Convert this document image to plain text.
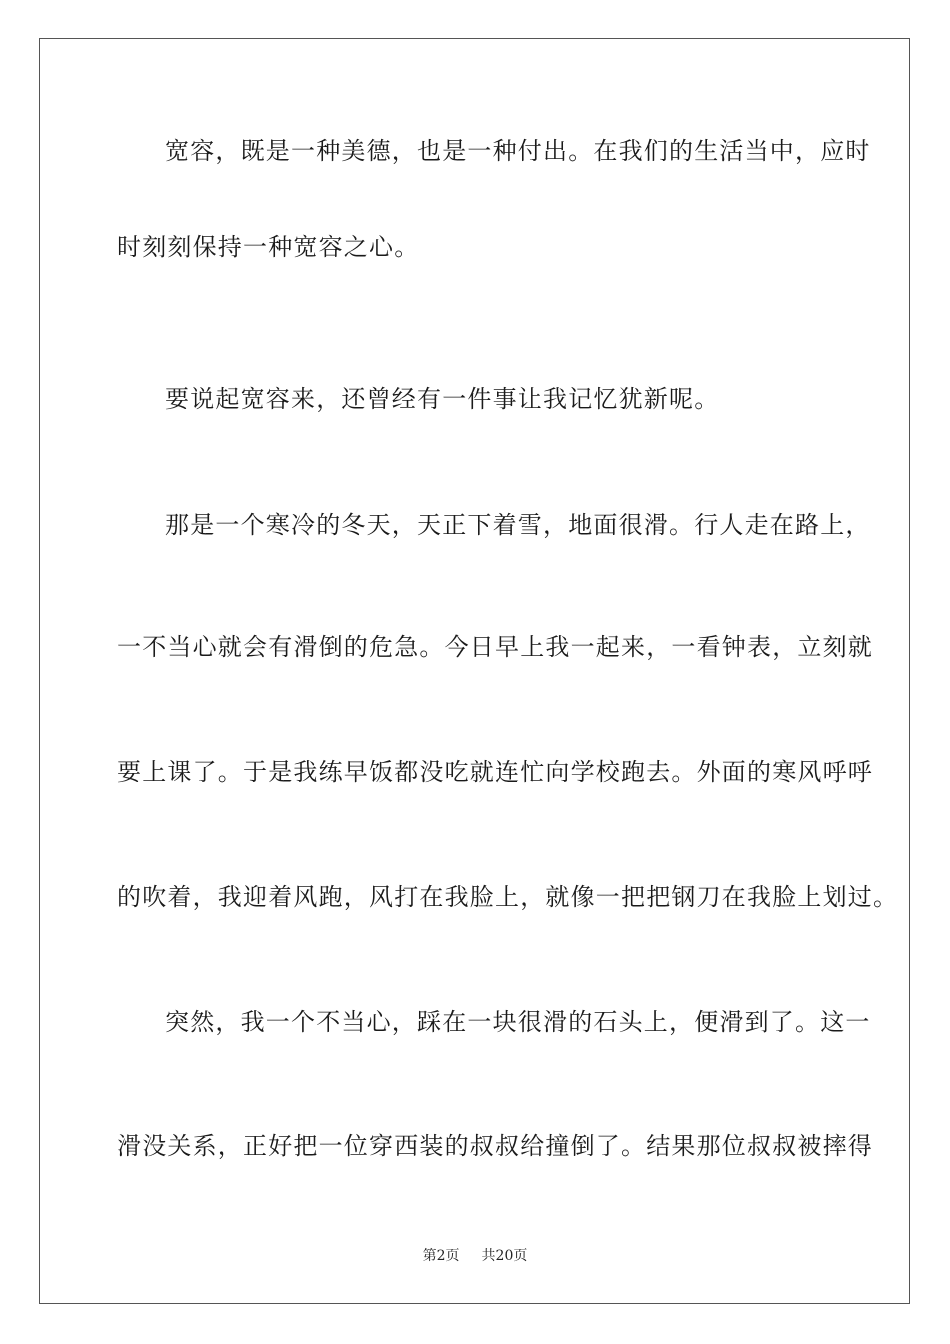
宽容，既是一种美德，也是一种付出。在我们的生活当中，应时
时刻刻保持一种宽容之心。
要说起宽容来，还曾经有一件事让我记忆犹新呢。
那是一个寒冷的冬天，天正下着雪，地面很滑。行人走在路上，
一不当心就会有滑倒的危急。今日早上我一起来，一看钟表，立刻就
要上课了。于是我练早饭都没吃就连忙向学校跑去。外面的寒风呼呼
的吹着，我迎着风跑，风打在我脸上，就像一把把钢刀在我脸上划过。
突然，我一个不当心，踩在一块很滑的石头上，便滑到了。这一
滑没关系，正好把一位穿西装的叔叔给撞倒了。结果那位叔叔被摔得
第2页 共20页
